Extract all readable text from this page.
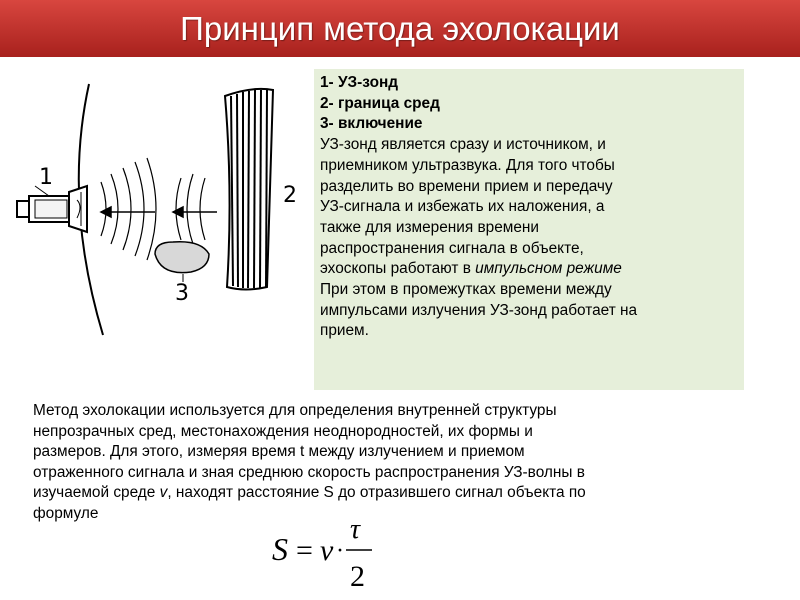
Принцип метода эхолокации
1
2
3
1- УЗ-зонд
2- граница сред
3- включение
УЗ-зонд является сразу и источником, и
приемником ультразвука. Для того чтобы
разделить во времени прием и передачу
УЗ-сигнала и избежать их наложения, а
также для измерения времени
распространения сигнала в объекте,
эхоскопы работают в импульсном режиме
При этом в промежутках времени между
импульсами излучения УЗ-зонд работает на
прием.
Метод эхолокации используется для определения внутренней структуры
непрозрачных сред, местонахождения неоднородностей, их формы и
размеров. Для этого, измеряя время t между излучением и приемом
отраженного сигнала и зная среднюю скорость распространения УЗ-волны в
изучаемой среде v, находят расстояние S до отразившего сигнал объекта по
формуле
S = v ·
τ
2
